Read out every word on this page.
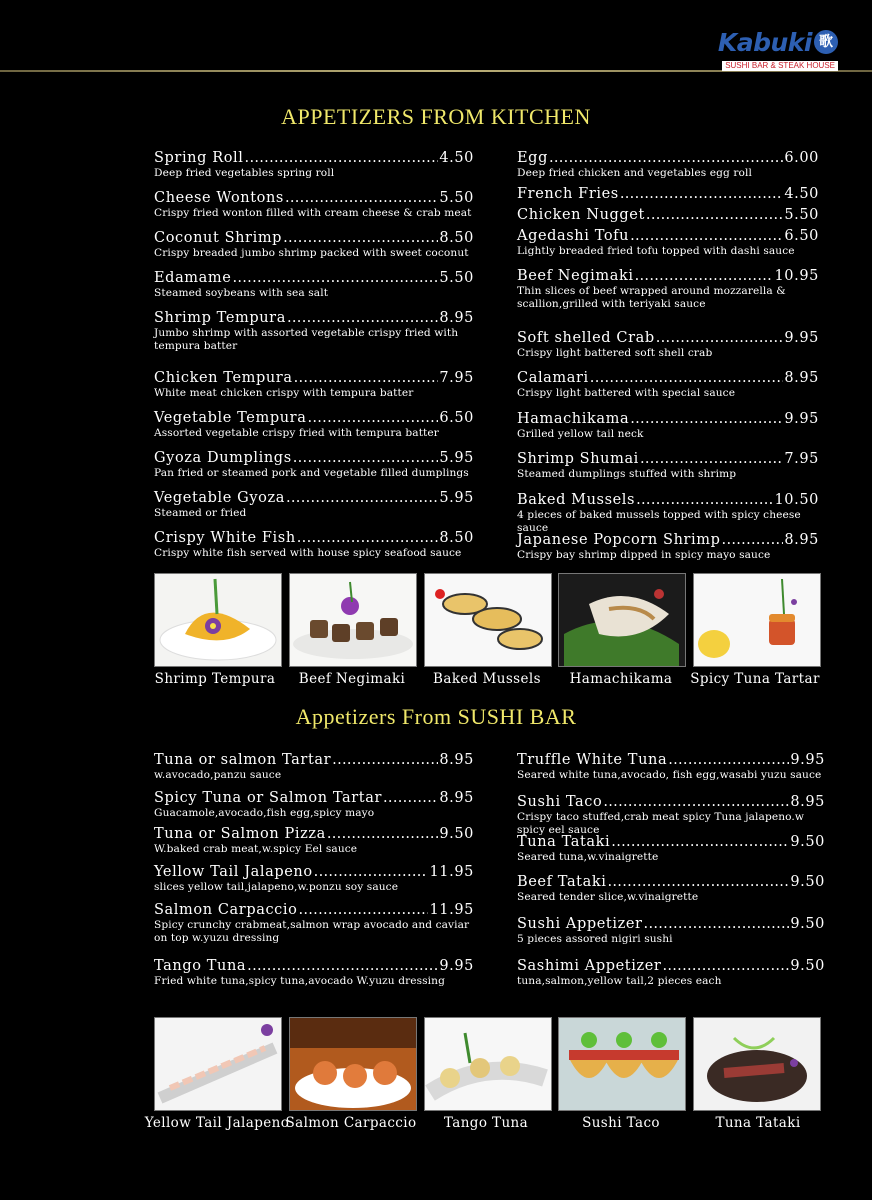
Kabuki 歌
SUSHI BAR & STEAK HOUSE
APPETIZERS FROM KITCHEN
Spring Roll .....	4.50
Deep fried vegetables spring roll
Cheese Wontons .....	5.50
Crispy fried wonton filled with cream cheese & crab meat
Coconut Shrimp .....	8.50
Crispy breaded jumbo shrimp packed with sweet coconut
Edamame .....	5.50
Steamed soybeans with sea salt
Shrimp Tempura .....	8.95
Jumbo shrimp with assorted vegetable crispy fried with tempura batter
Chicken Tempura .....	7.95
White meat chicken crispy with tempura batter
Vegetable Tempura .....	6.50
Assorted vegetable crispy fried with tempura batter
Gyoza Dumplings .....	5.95
Pan fried or steamed pork and vegetable filled dumplings
Vegetable Gyoza .....	5.95
Steamed or fried
Crispy White Fish .....	8.50
Crispy white fish served with house spicy seafood sauce
Egg .....	6.00
Deep fried chicken and vegetables egg roll
French Fries .....	4.50
Chicken Nugget .....	5.50
Agedashi Tofu .....	6.50
Lightly breaded fried tofu topped with dashi sauce
Beef Negimaki .....	10.95
Thin slices of beef wrapped around mozzarella & scallion,grilled with teriyaki sauce
Soft shelled Crab .....	9.95
Crispy light battered soft shell crab
Calamari .....	8.95
Crispy light battered with special sauce
Hamachikama .....	9.95
Grilled yellow tail neck
Shrimp Shumai .....	7.95
Steamed dumplings stuffed with shrimp
Baked Mussels .....	10.50
4 pieces of baked mussels topped with spicy cheese sauce
Japanese Popcorn Shrimp .....	8.95
Crispy bay shrimp dipped in spicy mayo sauce
Shrimp Tempura	Beef Negimaki	Baked Mussels	Hamachikama	Spicy Tuna Tartar
Appetizers From SUSHI BAR
Tuna or salmon Tartar .....	8.95
w.avocado,panzu sauce
Spicy Tuna or Salmon Tartar .....	8.95
Guacamole,avocado,fish egg,spicy mayo
Tuna or Salmon Pizza .....	9.50
W.baked crab meat,w.spicy Eel sauce
Yellow Tail Jalapeno .....	11.95
slices yellow tail,jalapeno,w.ponzu soy sauce
Salmon Carpaccio .....	11.95
Spicy crunchy crabmeat,salmon wrap avocado and caviar on top w.yuzu dressing
Tango Tuna .....	9.95
Fried white tuna,spicy tuna,avocado W.yuzu dressing
Truffle White Tuna .....	9.95
Seared white tuna,avocado, fish egg,wasabi yuzu sauce
Sushi Taco .....	8.95
Crispy taco stuffed,crab meat spicy Tuna jalapeno.w spicy eel sauce
Tuna Tataki .....	9.50
Seared tuna,w.vinaigrette
Beef Tataki .....	9.50
Seared tender slice,w.vinaigrette
Sushi Appetizer .....	9.50
5 pieces assored nigiri sushi
Sashimi Appetizer .....	9.50
tuna,salmon,yellow tail,2 pieces each
Yellow Tail Jalapeno
Salmon Carpaccio	Tango Tuna	Sushi Taco	Tuna Tataki
